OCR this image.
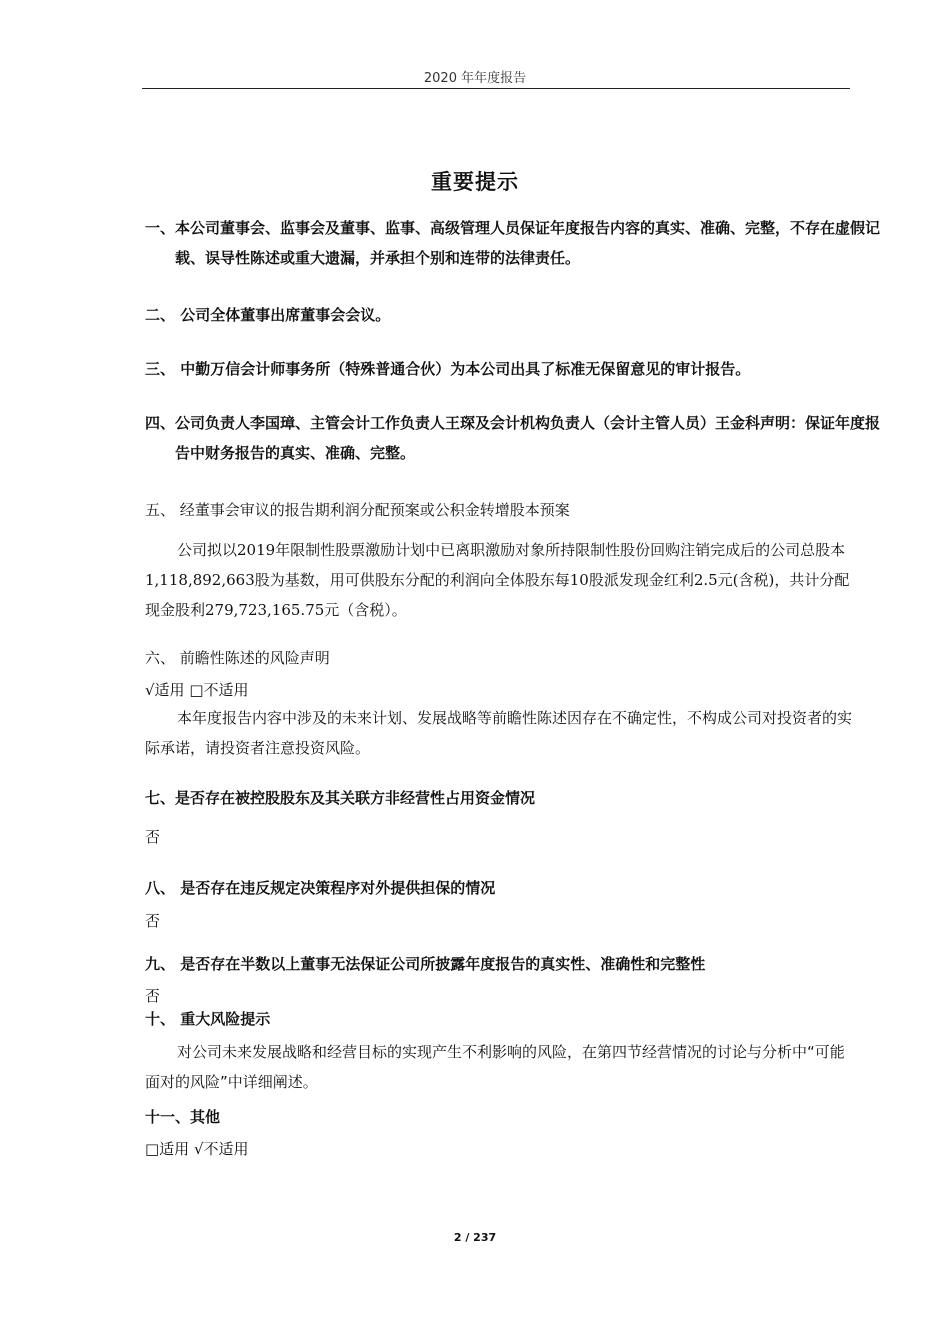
2020 年年度报告
重要提示
一、本公司董事会、监事会及董事、监事、高级管理人员保证年度报告内容的真实、准确、完整，不存在虚假记载、误导性陈述或重大遗漏，并承担个别和连带的法律责任。
二、 公司全体董事出席董事会会议。
三、 中勤万信会计师事务所（特殊普通合伙）为本公司出具了标准无保留意见的审计报告。
四、公司负责人李国璋、主管会计工作负责人王琛及会计机构负责人（会计主管人员）王金科声明：保证年度报告中财务报告的真实、准确、完整。
五、 经董事会审议的报告期利润分配预案或公积金转增股本预案
公司拟以2019年限制性股票激励计划中已离职激励对象所持限制性股份回购注销完成后的公司总股本1,118,892,663股为基数，用可供股东分配的利润向全体股东每10股派发现金红利2.5元(含税)，共计分配现金股利279,723,165.75元（含税）。
六、 前瞻性陈述的风险声明
√适用 □不适用
本年度报告内容中涉及的未来计划、发展战略等前瞻性陈述因存在不确定性，不构成公司对投资者的实际承诺，请投资者注意投资风险。
七、是否存在被控股股东及其关联方非经营性占用资金情况
否
八、 是否存在违反规定决策程序对外提供担保的情况
否
九、 是否存在半数以上董事无法保证公司所披露年度报告的真实性、准确性和完整性
否
十、 重大风险提示
对公司未来发展战略和经营目标的实现产生不利影响的风险，在第四节经营情况的讨论与分析中“可能面对的风险”中详细阐述。
十一、其他
□适用 √不适用
2 / 237
